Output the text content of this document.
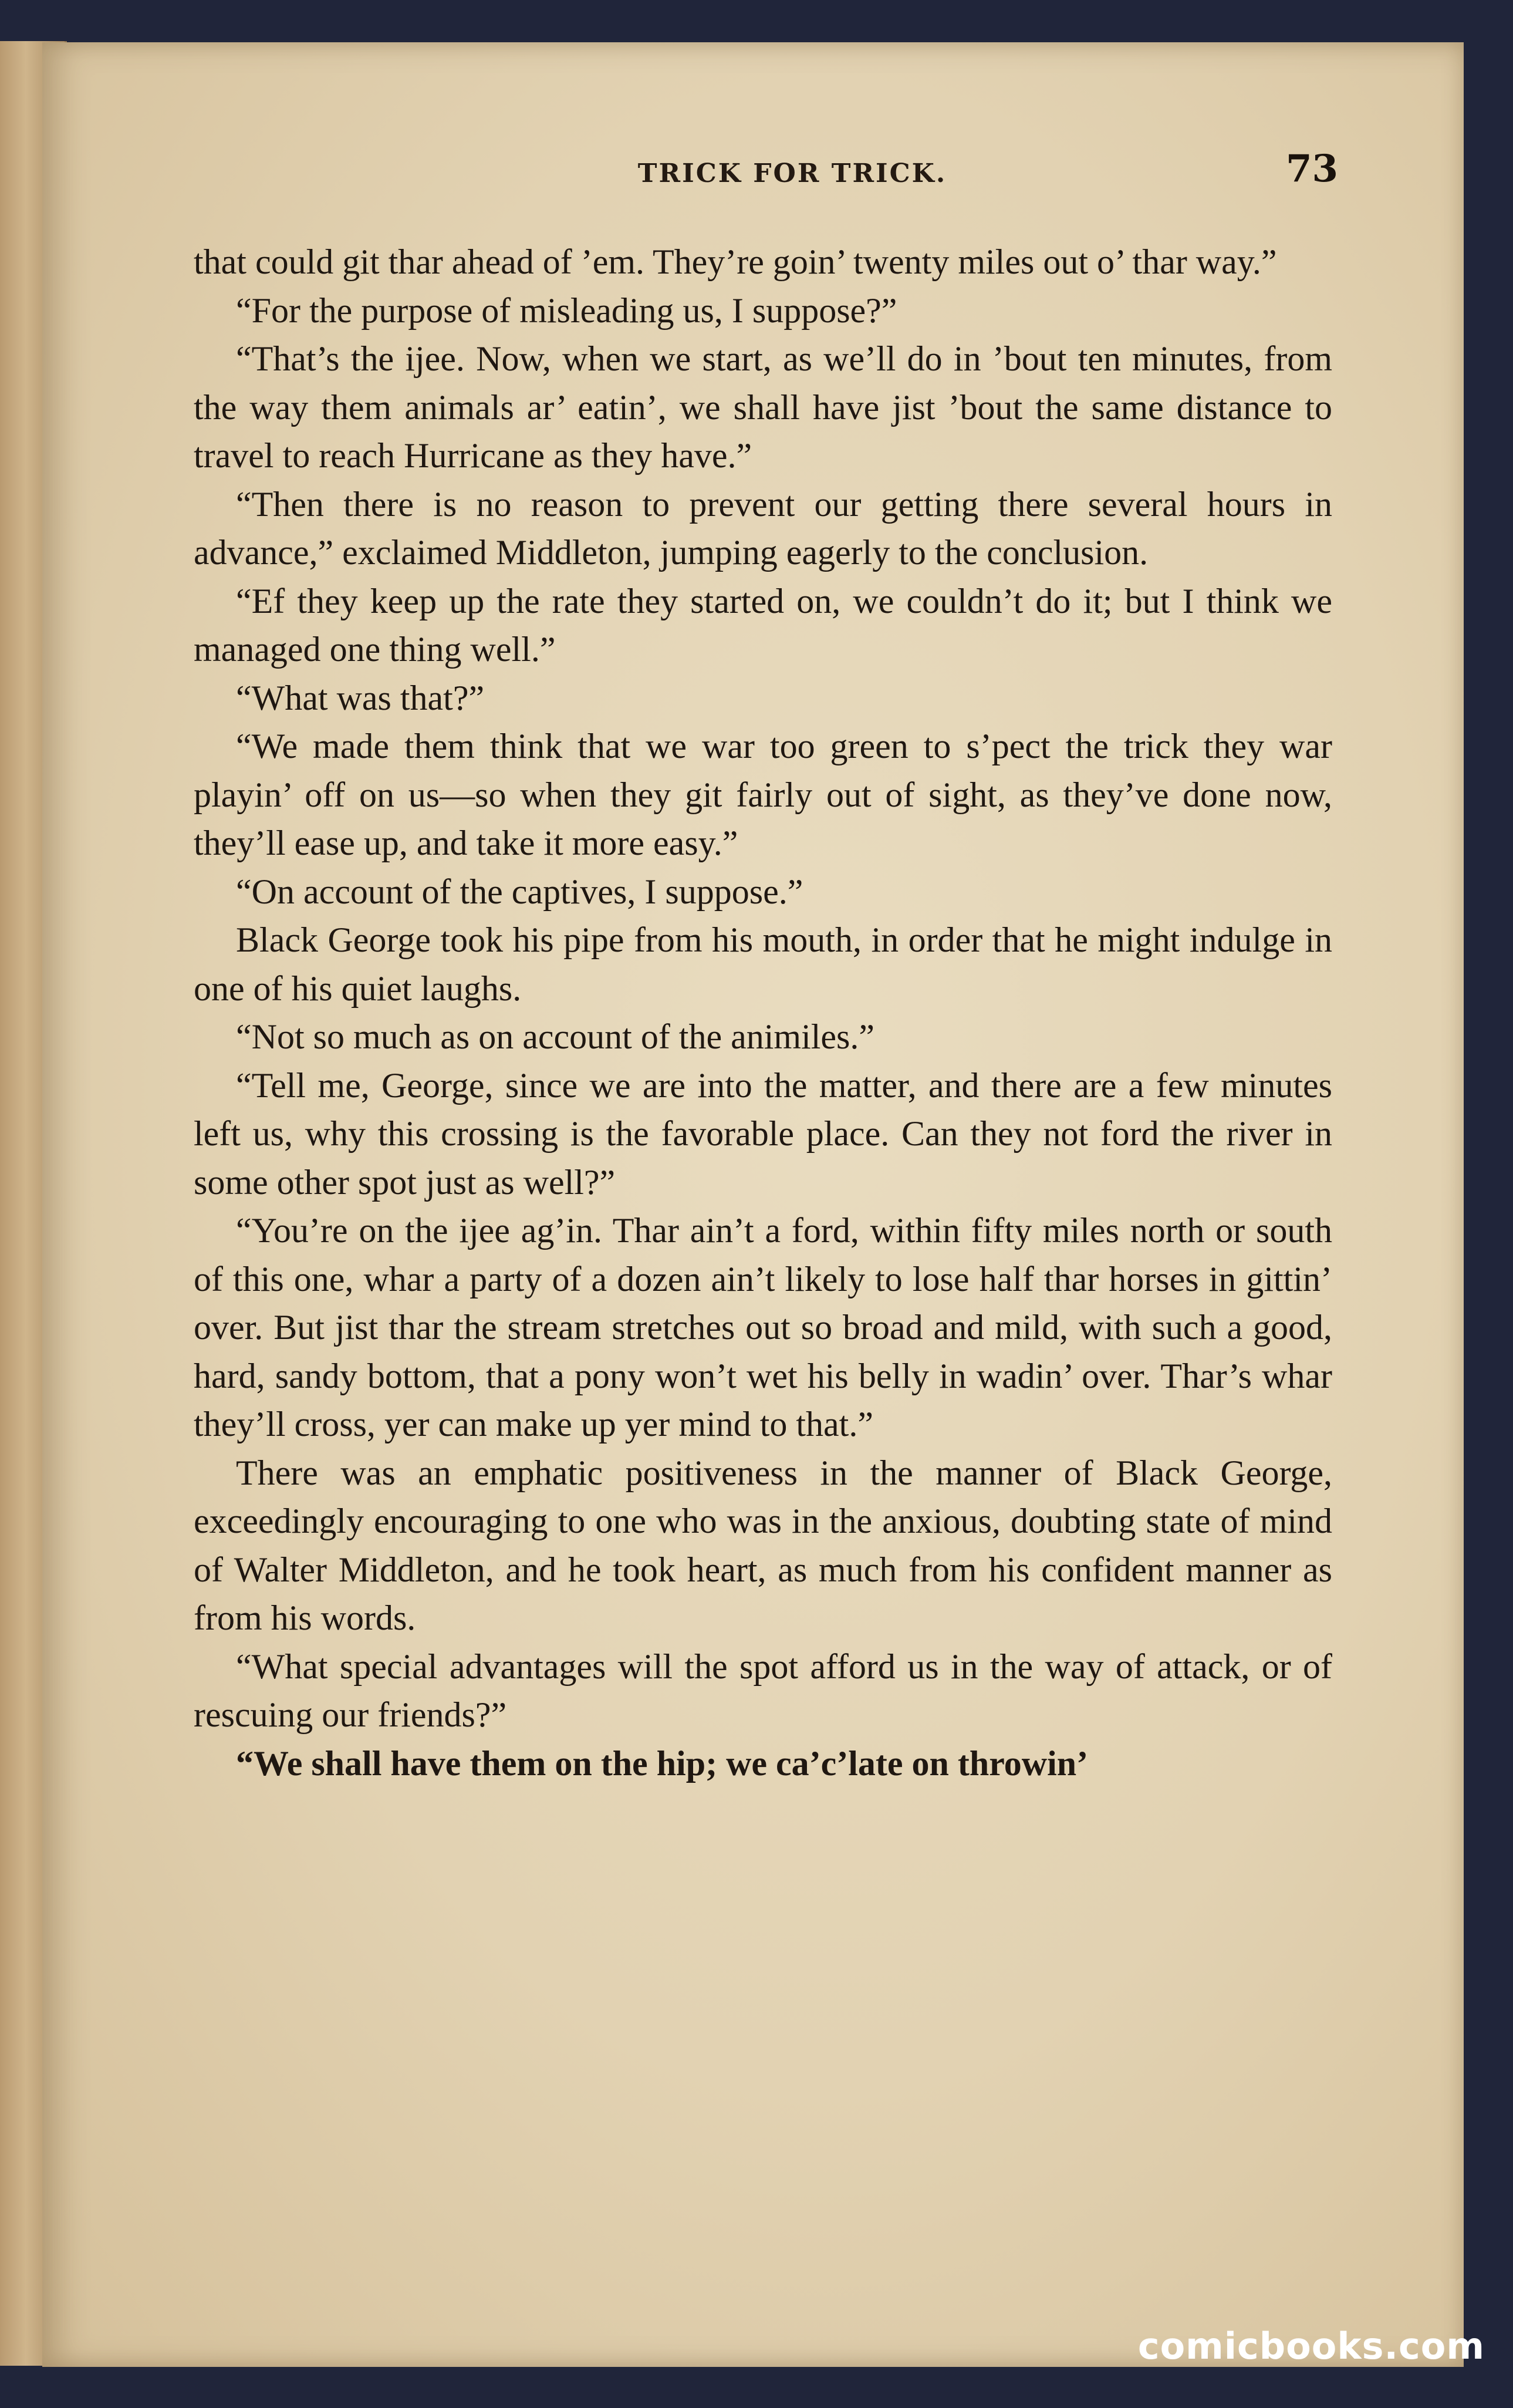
TRICK FOR TRICK.	73

that could git thar ahead of ’em. They’re goin’ twenty miles out o’ thar way.”

“For the purpose of misleading us, I suppose?”

“That’s the ijee. Now, when we start, as we’ll do in ’bout ten minutes, from the way them animals ar’ eatin’, we shall have jist ’bout the same distance to travel to reach Hurricane as they have.”

“Then there is no reason to prevent our getting there several hours in advance,” exclaimed Middleton, jumping eagerly to the conclusion.

“Ef they keep up the rate they started on, we couldn’t do it; but I think we managed one thing well.”

“What was that?”

“We made them think that we war too green to s’pect the trick they war playin’ off on us—so when they git fairly out of sight, as they’ve done now, they’ll ease up, and take it more easy.”

“On account of the captives, I suppose.”

Black George took his pipe from his mouth, in order that he might indulge in one of his quiet laughs.

“Not so much as on account of the animiles.”

“Tell me, George, since we are into the matter, and there are a few minutes left us, why this crossing is the favorable place. Can they not ford the river in some other spot just as well?”

“You’re on the ijee ag’in. Thar ain’t a ford, within fifty miles north or south of this one, whar a party of a dozen ain’t likely to lose half thar horses in gittin’ over. But jist thar the stream stretches out so broad and mild, with such a good, hard, sandy bottom, that a pony won’t wet his belly in wadin’ over. Thar’s whar they’ll cross, yer can make up yer mind to that.”

There was an emphatic positiveness in the manner of Black George, exceedingly encouraging to one who was in the anxious, doubting state of mind of Walter Middleton, and he took heart, as much from his confident manner as from his words.

“What special advantages will the spot afford us in the way of attack, or of rescuing our friends?”

“We shall have them on the hip; we ca’c’late on throwin’

comicbooks.com
